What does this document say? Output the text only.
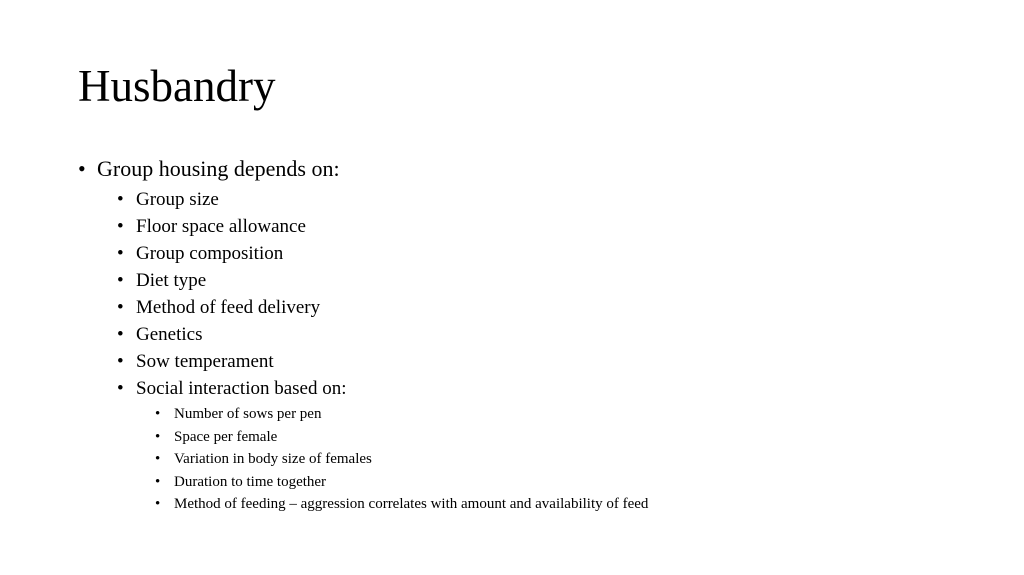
Husbandry
• Group housing depends on:
• Group size
• Floor space allowance
• Group composition
• Diet type
• Method of feed delivery
• Genetics
• Sow temperament
• Social interaction based on:
• Number of sows per pen
• Space per female
• Variation in body size of females
• Duration to time together
• Method of feeding – aggression correlates with amount and availability of feed
